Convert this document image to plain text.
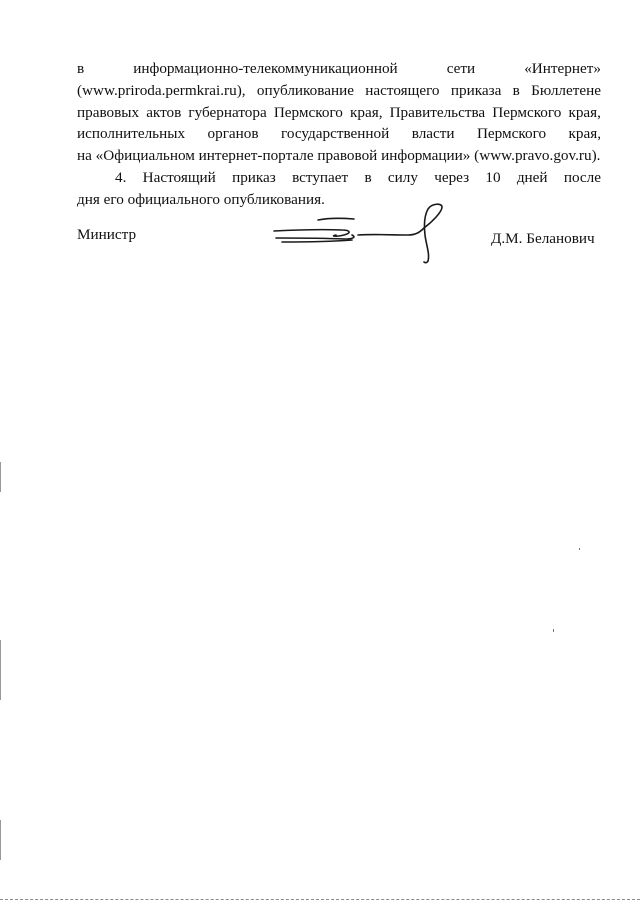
в	информационно-телекоммуникационной	сети	«Интернет»
(www.priroda.permkrai.ru), опубликование настоящего приказа в Бюллетене
правовых актов губернатора Пермского края, Правительства Пермского края,
исполнительных органов государственной власти Пермского края,
на «Официальном интернет-портале правовой информации» (www.pravo.gov.ru).
4. Настоящий приказ вступает в силу через 10 дней после
дня его официального опубликования.
Министр	Д.М. Беланович
